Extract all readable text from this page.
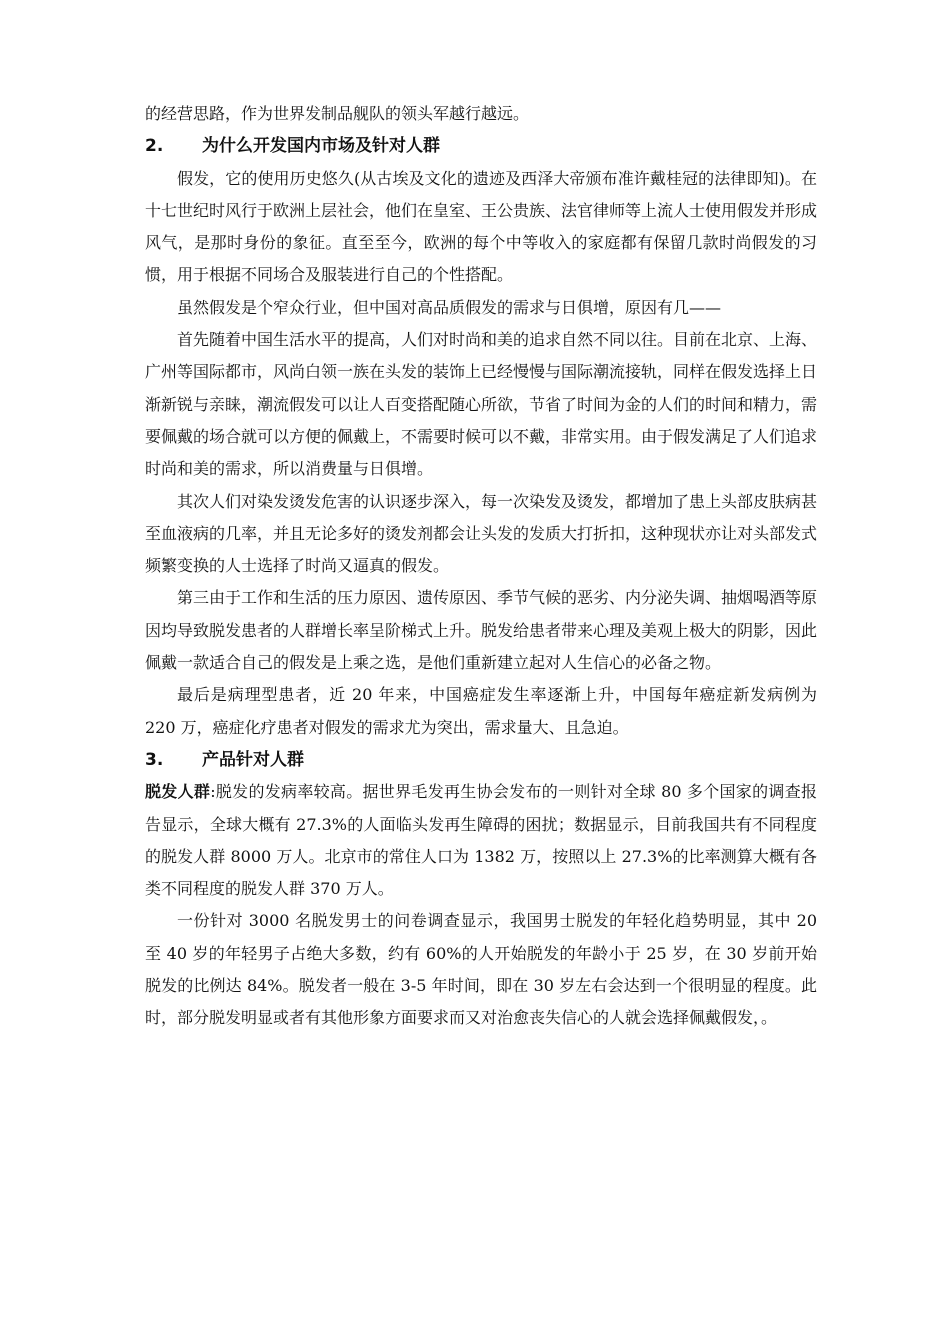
的经营思路，作为世界发制品舰队的领头军越行越远。

2. 为什么开发国内市场及针对人群

假发，它的使用历史悠久(从古埃及文化的遗迹及西泽大帝颁布准许戴桂冠的法律即知)。在十七世纪时风行于欧洲上层社会，他们在皇室、王公贵族、法官律师等上流人士使用假发并形成风气，是那时身份的象征。直至至今，欧洲的每个中等收入的家庭都有保留几款时尚假发的习惯，用于根据不同场合及服装进行自己的个性搭配。

虽然假发是个窄众行业，但中国对高品质假发的需求与日俱增，原因有几——

首先随着中国生活水平的提高，人们对时尚和美的追求自然不同以往。目前在北京、上海、广州等国际都市，风尚白领一族在头发的装饰上已经慢慢与国际潮流接轨，同样在假发选择上日渐新锐与亲睐，潮流假发可以让人百变搭配随心所欲，节省了时间为金的人们的时间和精力，需要佩戴的场合就可以方便的佩戴上，不需要时候可以不戴，非常实用。由于假发满足了人们追求时尚和美的需求，所以消费量与日俱增。

其次人们对染发烫发危害的认识逐步深入，每一次染发及烫发，都增加了患上头部皮肤病甚至血液病的几率，并且无论多好的烫发剂都会让头发的发质大打折扣，这种现状亦让对头部发式频繁变换的人士选择了时尚又逼真的假发。

第三由于工作和生活的压力原因、遗传原因、季节气候的恶劣、内分泌失调、抽烟喝酒等原因均导致脱发患者的人群增长率呈阶梯式上升。脱发给患者带来心理及美观上极大的阴影，因此佩戴一款适合自己的假发是上乘之选，是他们重新建立起对人生信心的必备之物。

最后是病理型患者，近 20 年来，中国癌症发生率逐渐上升，中国每年癌症新发病例为 220 万，癌症化疗患者对假发的需求尤为突出，需求量大、且急迫。

3. 产品针对人群

脱发人群:脱发的发病率较高。据世界毛发再生协会发布的一则针对全球 80 多个国家的调查报告显示，全球大概有 27.3%的人面临头发再生障碍的困扰；数据显示，目前我国共有不同程度的脱发人群 8000 万人。北京市的常住人口为 1382 万，按照以上 27.3%的比率测算大概有各类不同程度的脱发人群 370 万人。

一份针对 3000 名脱发男士的问卷调查显示，我国男士脱发的年轻化趋势明显，其中 20 至 40 岁的年轻男子占绝大多数，约有 60%的人开始脱发的年龄小于 25 岁，在 30 岁前开始脱发的比例达 84%。脱发者一般在 3-5 年时间，即在 30 岁左右会达到一个很明显的程度。此时，部分脱发明显或者有其他形象方面要求而又对治愈丧失信心的人就会选择佩戴假发，。
